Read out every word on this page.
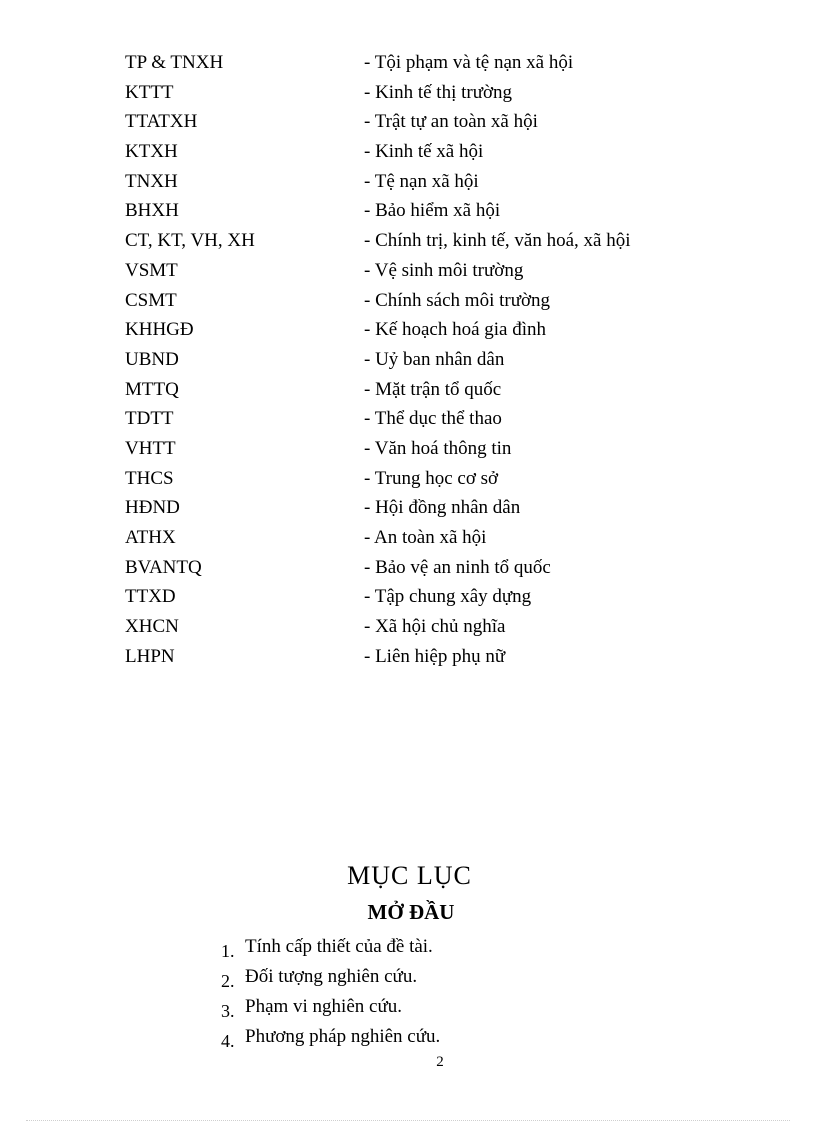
TP & TNXH	- Tội phạm và tệ nạn xã hội
KTTT	- Kinh tế thị trường
TTATXH	- Trật tự an toàn xã hội
KTXH	- Kinh tế xã hội
TNXH	- Tệ nạn xã hội
BHXH	- Bảo hiểm xã hội
CT, KT, VH, XH	- Chính trị, kinh tế, văn hoá, xã hội
VSMT	- Vệ sinh môi trường
CSMT	- Chính sách môi trường
KHHGĐ	- Kế hoạch hoá gia đình
UBND	- Uỷ ban nhân dân
MTTQ	- Mặt trận tổ quốc
TDTT	- Thể dục thể thao
VHTT	- Văn hoá thông tin
THCS	- Trung học cơ sở
HĐND	- Hội đồng nhân dân
ATHX	- An toàn xã hội
BVANTQ	- Bảo vệ an ninh tổ quốc
TTXD	- Tập chung xây dựng
XHCN	- Xã hội chủ nghĩa
LHPN	- Liên hiệp phụ nữ
MỤC LỤC
MỞ ĐẦU
1. Tính cấp thiết của đề tài.
2. Đối tượng nghiên cứu.
3. Phạm vi nghiên cứu.
4. Phương pháp nghiên cứu.
2
